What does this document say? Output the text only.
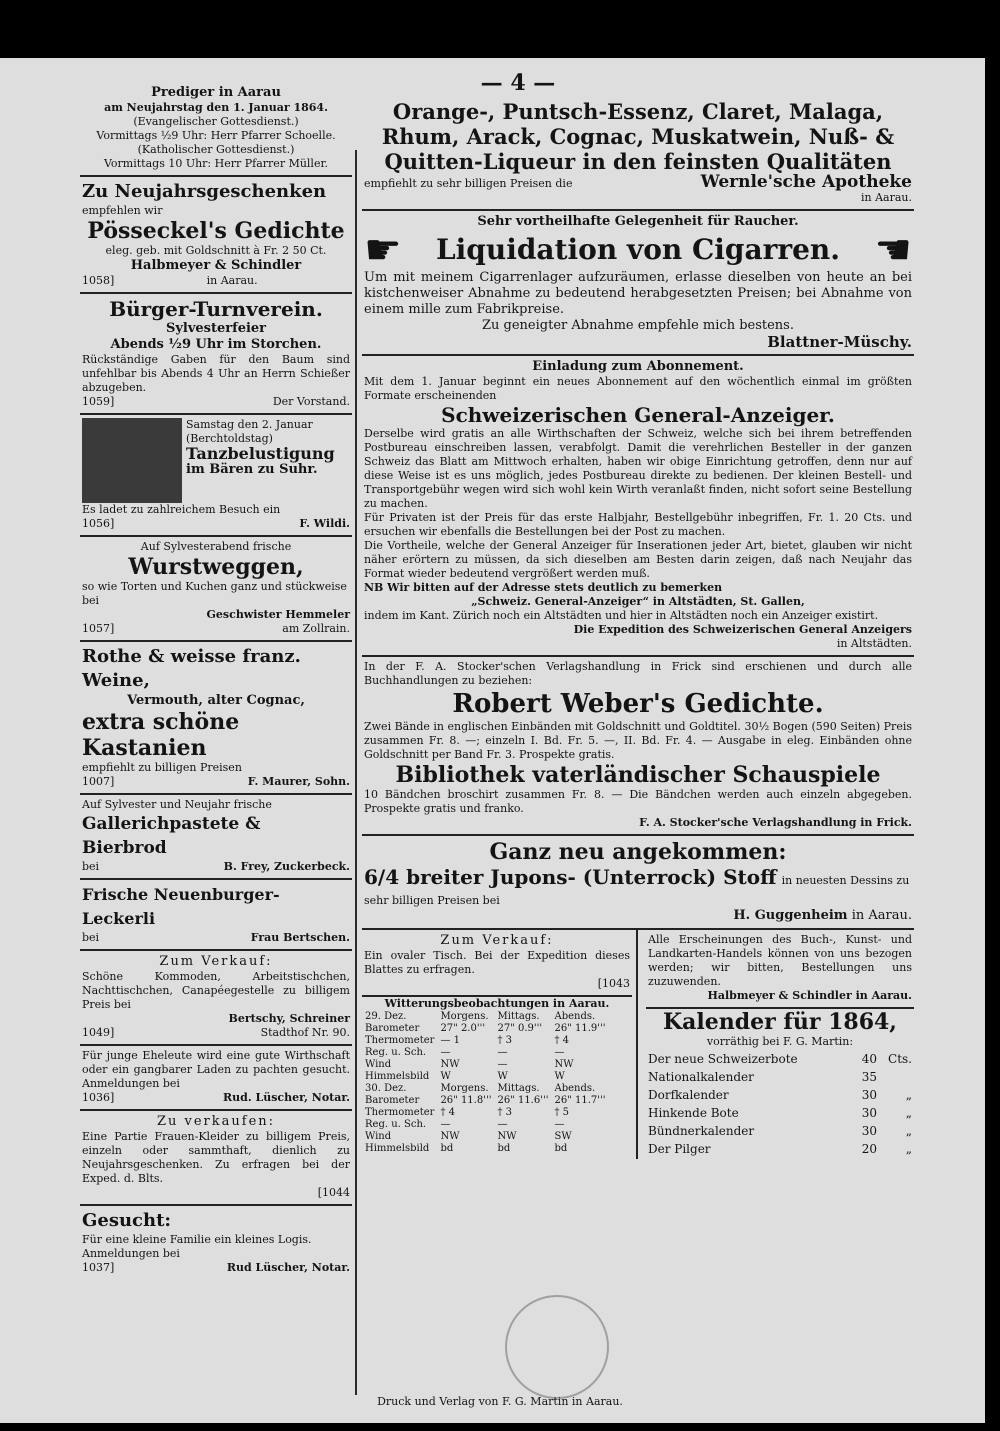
— 4 —
Prediger in Aarau
am Neujahrstag den 1. Januar 1864.
(Evangelischer Gottesdienst.)
Vormittags ½9 Uhr: Herr Pfarrer Schoelle.
(Katholischer Gottesdienst.)
Vormittags 10 Uhr: Herr Pfarrer Müller.
Zu Neujahrsgeschenken
empfehlen wir
Pösseckel's Gedichte
eleg. geb. mit Goldschnitt à Fr. 2 50 Ct.
Halbmeyer & Schindler
1058]	in Aarau.
Bürger-Turnverein.
Sylvesterfeier
Abends ½9 Uhr im Storchen.
Rückständige Gaben für den Baum sind unfehlbar bis Abends 4 Uhr an Herrn Schießer abzugeben.
1059]	Der Vorstand.
Samstag den 2. Januar (Berchtoldstag)
Tanzbelustigung
im Bären zu Suhr.
Es ladet zu zahlreichem Besuch ein
1056]	F. Wildi.
Auf Sylvesterabend frische
Wurstweggen,
so wie Torten und Kuchen ganz und stückweise bei
Geschwister Hemmeler
1057]	am Zollrain.
Rothe & weisse franz. Weine,
Vermouth, alter Cognac,
extra schöne Kastanien
empfiehlt zu billigen Preisen
1007]	F. Maurer, Sohn.
Auf Sylvester und Neujahr frische
Gallerichpastete & Bierbrod
bei	B. Frey, Zuckerbeck.
Frische Neuenburger-Leckerli
bei	Frau Bertschen.
Zum Verkauf:
Schöne Kommoden, Arbeitstischchen, Nachttischchen, Canapéegestelle zu billigem Preis bei
Bertschy, Schreiner
1049]	Stadthof Nr. 90.
Für junge Eheleute wird eine gute Wirthschaft oder ein gangbarer Laden zu pachten gesucht. Anmeldungen bei
1036]	Rud. Lüscher, Notar.
Zu verkaufen:
Eine Partie Frauen-Kleider zu billigem Preis, einzeln oder sammthaft, dienlich zu Neujahrsgeschenken. Zu erfragen bei der Exped. d. Blts.
[1044
Gesucht:
Für eine kleine Familie ein kleines Logis. Anmeldungen bei
1037]	Rud Lüscher, Notar.
Orange-, Puntsch-Essenz, Claret, Malaga, Rhum, Arack, Cognac, Muskatwein, Nuß- & Quitten-Liqueur in den feinsten Qualitäten
empfiehlt zu sehr billigen Preisen die	Wernle'sche Apotheke
in Aarau.
Sehr vortheilhafte Gelegenheit für Raucher.
☛ Liquidation von Cigarren. ☚
Um mit meinem Cigarrenlager aufzuräumen, erlasse dieselben von heute an bei kistchenweiser Abnahme zu bedeutend herabgesetzten Preisen; bei Abnahme von einem mille zum Fabrikpreise.
Zu geneigter Abnahme empfehle mich bestens.
Blattner-Müschy.
Einladung zum Abonnement.
Mit dem 1. Januar beginnt ein neues Abonnement auf den wöchentlich einmal im größten Formate erscheinenden
Schweizerischen General-Anzeiger.
Derselbe wird gratis an alle Wirthschaften der Schweiz, welche sich bei ihrem betreffenden Postbureau einschreiben lassen, verabfolgt. Damit die verehrlichen Besteller in der ganzen Schweiz das Blatt am Mittwoch erhalten, haben wir obige Einrichtung getroffen, denn nur auf diese Weise ist es uns möglich, jedes Postbureau direkte zu bedienen. Der kleinen Bestell- und Transportgebühr wegen wird sich wohl kein Wirth veranlaßt finden, nicht sofort seine Bestellung zu machen.
Für Privaten ist der Preis für das erste Halbjahr, Bestellgebühr inbegriffen, Fr. 1. 20 Cts. und ersuchen wir ebenfalls die Bestellungen bei der Post zu machen.
Die Vortheile, welche der General Anzeiger für Inserationen jeder Art, bietet, glauben wir nicht näher erörtern zu müssen, da sich dieselben am Besten darin zeigen, daß nach Neujahr das Format wieder bedeutend vergrößert werden muß.
NB Wir bitten auf der Adresse stets deutlich zu bemerken
„Schweiz. General-Anzeiger“ in Altstädten, St. Gallen,
indem im Kant. Zürich noch ein Altstädten und hier in Altstädten noch ein Anzeiger existirt.
Die Expedition des Schweizerischen General Anzeigers
in Altstädten.
In der F. A. Stocker'schen Verlagshandlung in Frick sind erschienen und durch alle Buchhandlungen zu beziehen:
Robert Weber's Gedichte.
Zwei Bände in englischen Einbänden mit Goldschnitt und Goldtitel. 30½ Bogen (590 Seiten) Preis zusammen Fr. 8. —; einzeln I. Bd. Fr. 5. —, II. Bd. Fr. 4. — Ausgabe in eleg. Einbänden ohne Goldschnitt per Band Fr. 3. Prospekte gratis.
Bibliothek vaterländischer Schauspiele
10 Bändchen broschirt zusammen Fr. 8. — Die Bändchen werden auch einzeln abgegeben. Prospekte gratis und franko.
F. A. Stocker'sche Verlagshandlung in Frick.
Ganz neu angekommen:
6/4 breiter Jupons- (Unterrock) Stoff in neuesten Dessins zu sehr billigen Preisen bei
H. Guggenheim in Aarau.
Zum Verkauf:
Ein ovaler Tisch. Bei der Expedition dieses Blattes zu erfragen.
[1043
Witterungsbeobachtungen in Aarau.
29. Dez.	Morgens.	Mittags.	Abends.
Barometer	27" 2.0'''	27" 0.9'''	26" 11.9'''
Thermometer	— 1	† 3	† 4
Reg. u. Sch.	—	—	—
Wind	NW	—	NW
Himmelsbild	W	W	W
30. Dez.	Morgens.	Mittags.	Abends.
Barometer	26" 11.8'''	26" 11.6'''	26" 11.7'''
Thermometer	† 4	† 3	† 5
Reg. u. Sch.	—	—	—
Wind	NW	NW	SW
Himmelsbild	bd	bd	bd
Alle Erscheinungen des Buch-, Kunst- und Landkarten-Handels können von uns bezogen werden; wir bitten, Bestellungen uns zuzuwenden.
Halbmeyer & Schindler in Aarau.
Kalender für 1864,
vorräthig bei F. G. Martin:
Der neue Schweizerbote	40	Cts.
Nationalkalender	35	
Dorfkalender	30	„
Hinkende Bote	30	„
Bündnerkalender	30	„
Der Pilger	20	„
Druck und Verlag von F. G. Martin in Aarau.
